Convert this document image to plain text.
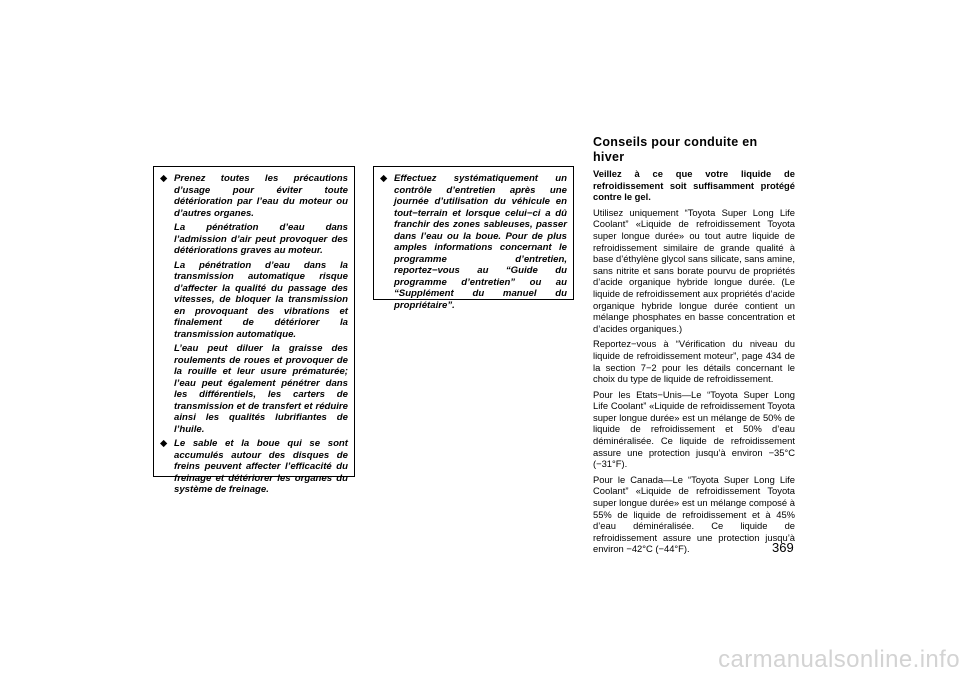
Conseils pour conduite en hiver
◆ Prenez toutes les précautions d’usage pour éviter toute détérioration par l’eau du moteur ou d’autres organes.
La pénétration d’eau dans l’admission d’air peut provoquer des détériorations graves au moteur.
La pénétration d’eau dans la transmission automatique risque d’affecter la qualité du passage des vitesses, de bloquer la transmission en provoquant des vibrations et finalement de détériorer la transmission automatique.
L’eau peut diluer la graisse des roulements de roues et provoquer de la rouille et leur usure prématurée; l’eau peut également pénétrer dans les différentiels, les carters de transmission et de transfert et réduire ainsi les qualités lubrifiantes de l’huile.
◆ Le sable et la boue qui se sont accumulés autour des disques de freins peuvent affecter l’efficacité du freinage et détériorer les organes du système de freinage.
◆ Effectuez systématiquement un contrôle d’entretien après une journée d’utilisation du véhicule en tout−terrain et lorsque celui−ci a dû franchir des zones sableuses, passer dans l’eau ou la boue. Pour de plus amples informations concernant le programme d’entretien, reportez−vous au “Guide du programme d’entretien” ou au “Supplément du manuel du propriétaire”.

Veillez à ce que votre liquide de refroidissement soit suffisamment protégé contre le gel.

Utilisez uniquement “Toyota Super Long Life Coolant” «Liquide de refroidissement Toyota super longue durée» ou tout autre liquide de refroidissement similaire de grande qualité à base d’éthylène glycol sans silicate, sans amine, sans nitrite et sans borate pourvu de propriétés d’acide organique hybride longue durée. (Le liquide de refroidissement aux propriétés d’acide organique hybride longue durée contient un mélange phosphates en basse concentration et d’acides organiques.)

Reportez−vous à “Vérification du niveau du liquide de refroidissement moteur”, page 434 de la section 7−2 pour les détails concernant le choix du type de liquide de refroidissement.

Pour les Etats−Unis—Le “Toyota Super Long Life Coolant” «Liquide de refroidissement Toyota super longue durée» est un mélange de 50% de liquide de refroidissement et 50% d’eau déminéralisée. Ce liquide de refroidissement assure une protection jusqu’à environ −35°C (−31°F).

Pour le Canada—Le “Toyota Super Long Life Coolant” «Liquide de refroidissement Toyota super longue durée» est un mélange composé à 55% de liquide de refroidissement et à 45% d’eau déminéralisée. Ce liquide de refroidissement assure une protection jusqu’à environ −42°C (−44°F).	369
carmanualsonline.info
